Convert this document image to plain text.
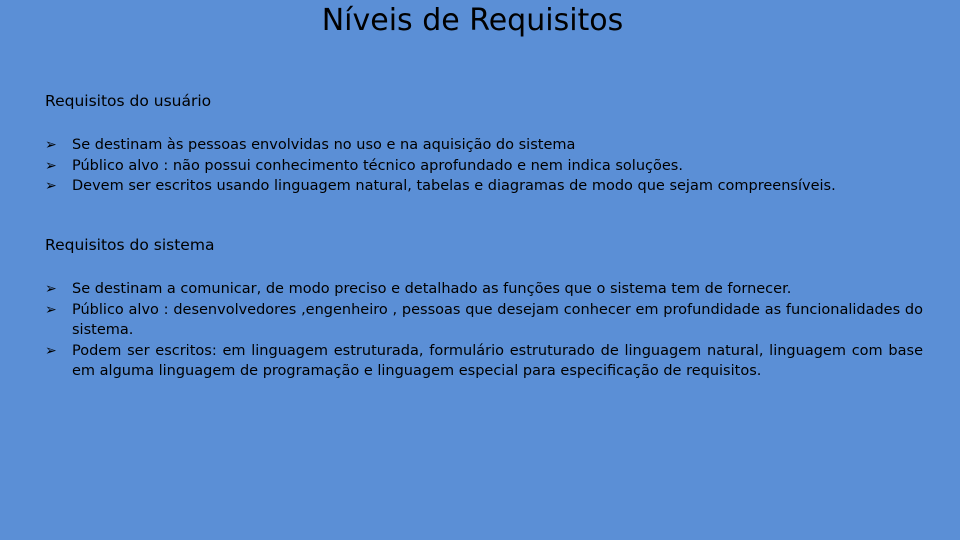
Níveis de Requisitos
Requisitos do usuário
➢	Se destinam às pessoas envolvidas no uso e na aquisição do sistema
➢	Público alvo : não possui conhecimento técnico aprofundado e nem indica soluções.
➢	Devem ser escritos usando linguagem natural, tabelas e diagramas de modo que sejam compreensíveis.
Requisitos do sistema
➢	Se destinam a comunicar, de modo preciso e detalhado as funções que o sistema tem de fornecer.
➢	Público alvo : desenvolvedores ,engenheiro , pessoas que desejam conhecer em profundidade as funcionalidades do sistema.
➢	Podem ser escritos: em linguagem estruturada, formulário estruturado de linguagem natural, linguagem com base em alguma linguagem de programação e linguagem especial para especificação de requisitos.
